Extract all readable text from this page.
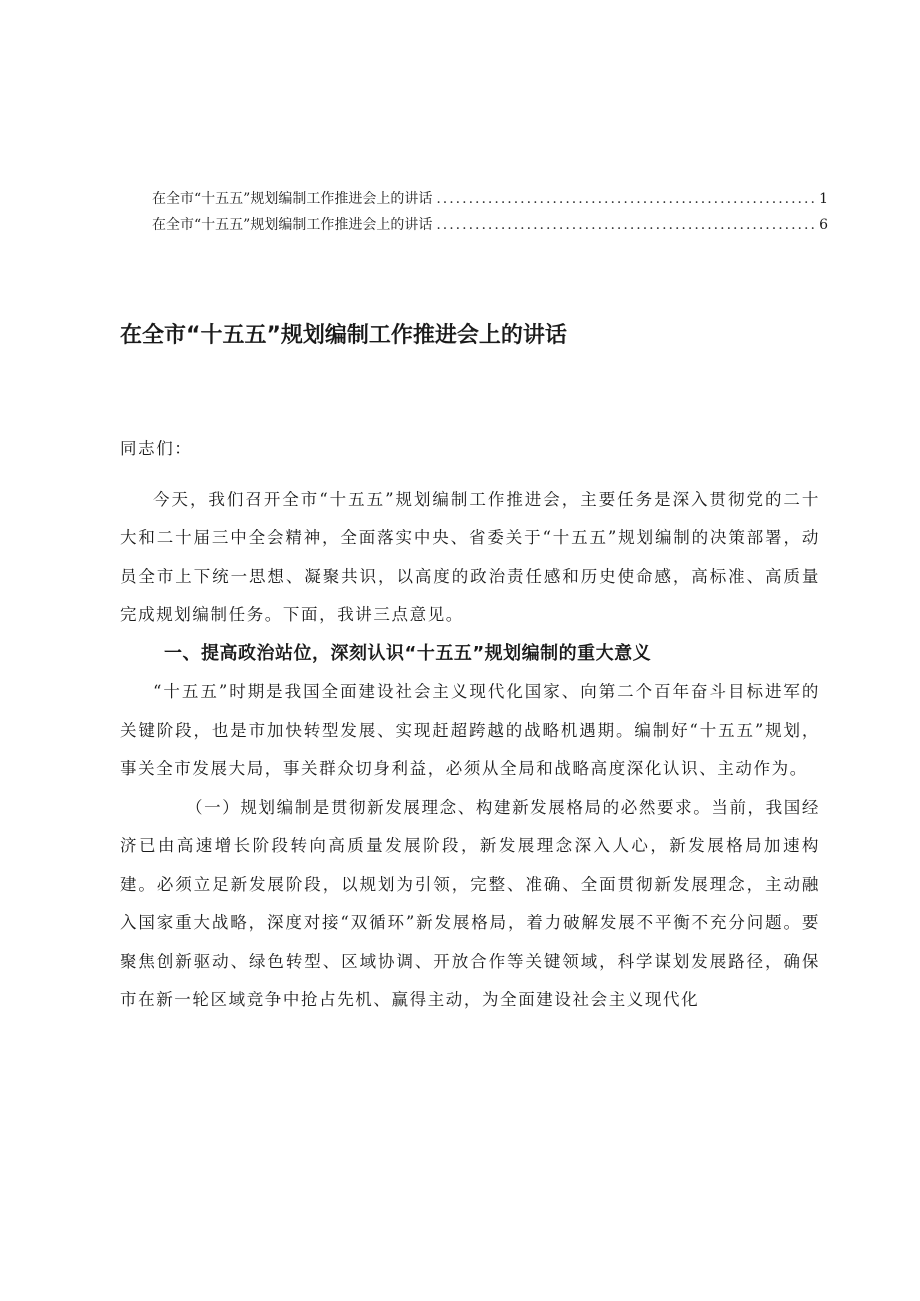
在全市“十五五”规划编制工作推进会上的讲话 .....	1
在全市“十五五”规划编制工作推进会上的讲话 .....	6
在全市“十五五”规划编制工作推进会上的讲话

同志们：

今天，我们召开全市“十五五”规划编制工作推进会，主要任务是深入贯彻党的二十大和二十届三中全会精神，全面落实中央、省委关于“十五五”规划编制的决策部署，动员全市上下统一思想、凝聚共识，以高度的政治责任感和历史使命感，高标准、高质量完成规划编制任务。下面，我讲三点意见。

一、提高政治站位，深刻认识“十五五”规划编制的重大意义

“十五五”时期是我国全面建设社会主义现代化国家、向第二个百年奋斗目标进军的关键阶段，也是市加快转型发展、实现赶超跨越的战略机遇期。编制好“十五五”规划，事关全市发展大局，事关群众切身利益，必须从全局和战略高度深化认识、主动作为。

（一）规划编制是贯彻新发展理念、构建新发展格局的必然要求。当前，我国经济已由高速增长阶段转向高质量发展阶段，新发展理念深入人心，新发展格局加速构建。必须立足新发展阶段，以规划为引领，完整、准确、全面贯彻新发展理念，主动融入国家重大战略，深度对接“双循环”新发展格局，着力破解发展不平衡不充分问题。要聚焦创新驱动、绿色转型、区域协调、开放合作等关键领域，科学谋划发展路径，确保市在新一轮区域竞争中抢占先机、赢得主动，为全面建设社会主义现代化
